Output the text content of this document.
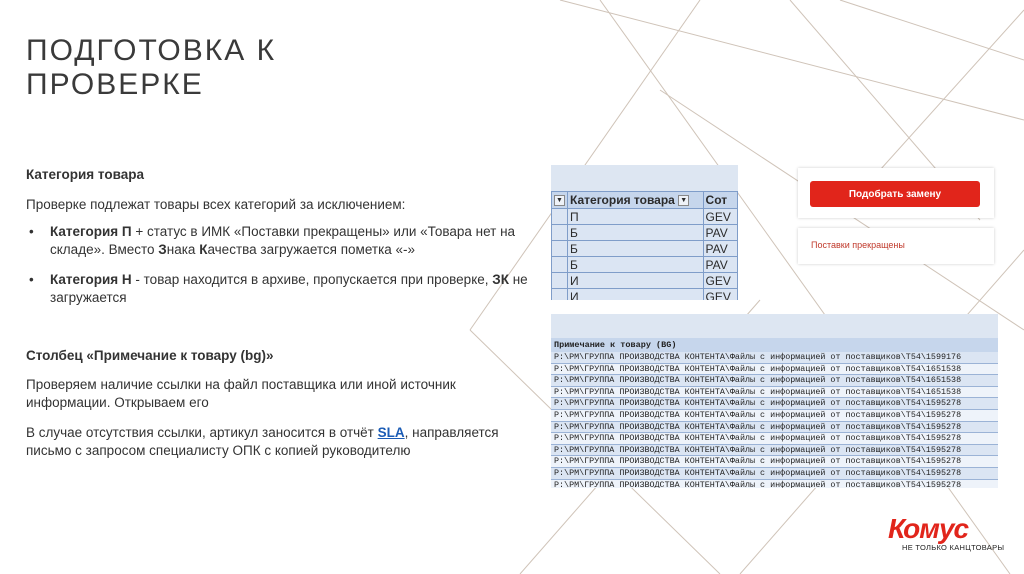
ПОДГОТОВКА К
ПРОВЕРКЕ
Категория товара
Проверке подлежат товары всех категорий за исключением:
• Категория П + статус в ИМК «Поставки прекращены» или «Товара нет на складе». Вместо Знака Качества загружается пометка «-»
• Категория Н - товар находится в архиве, пропускается при проверке, ЗК не загружается
Столбец «Примечание к товару (bg)»
Проверяем наличие ссылки на файл поставщика или иной источник информации. Открываем его
В случае отсутствия ссылки, артикул заносится в отчёт SLA, направляется письмо с запросом специалисту ОПК с копией руководителю
▼	Категория товара ▼	Сот
	П	GEV
	Б	PAV
	Б	PAV
	Б	PAV
	И	GEV
	И	GEV
Подобрать замену
Поставки прекращены
Примечание к товару (BG)
P:\PM\ГРУППА ПРОИЗВОДСТВА КОНТЕНТА\Файлы с информацией от поставщиков\T54\1599176
P:\PM\ГРУППА ПРОИЗВОДСТВА КОНТЕНТА\Файлы с информацией от поставщиков\T54\1651538
P:\PM\ГРУППА ПРОИЗВОДСТВА КОНТЕНТА\Файлы с информацией от поставщиков\T54\1651538
P:\PM\ГРУППА ПРОИЗВОДСТВА КОНТЕНТА\Файлы с информацией от поставщиков\T54\1651538
P:\PM\ГРУППА ПРОИЗВОДСТВА КОНТЕНТА\Файлы с информацией от поставщиков\T54\1595278
P:\PM\ГРУППА ПРОИЗВОДСТВА КОНТЕНТА\Файлы с информацией от поставщиков\T54\1595278
P:\PM\ГРУППА ПРОИЗВОДСТВА КОНТЕНТА\Файлы с информацией от поставщиков\T54\1595278
P:\PM\ГРУППА ПРОИЗВОДСТВА КОНТЕНТА\Файлы с информацией от поставщиков\T54\1595278
P:\PM\ГРУППА ПРОИЗВОДСТВА КОНТЕНТА\Файлы с информацией от поставщиков\T54\1595278
P:\PM\ГРУППА ПРОИЗВОДСТВА КОНТЕНТА\Файлы с информацией от поставщиков\T54\1595278
P:\PM\ГРУППА ПРОИЗВОДСТВА КОНТЕНТА\Файлы с информацией от поставщиков\T54\1595278
P:\PM\ГРУППА ПРОИЗВОДСТВА КОНТЕНТА\Файлы с информацией от поставщиков\T54\1595278
Комус
НЕ ТОЛЬКО КАНЦТОВАРЫ
